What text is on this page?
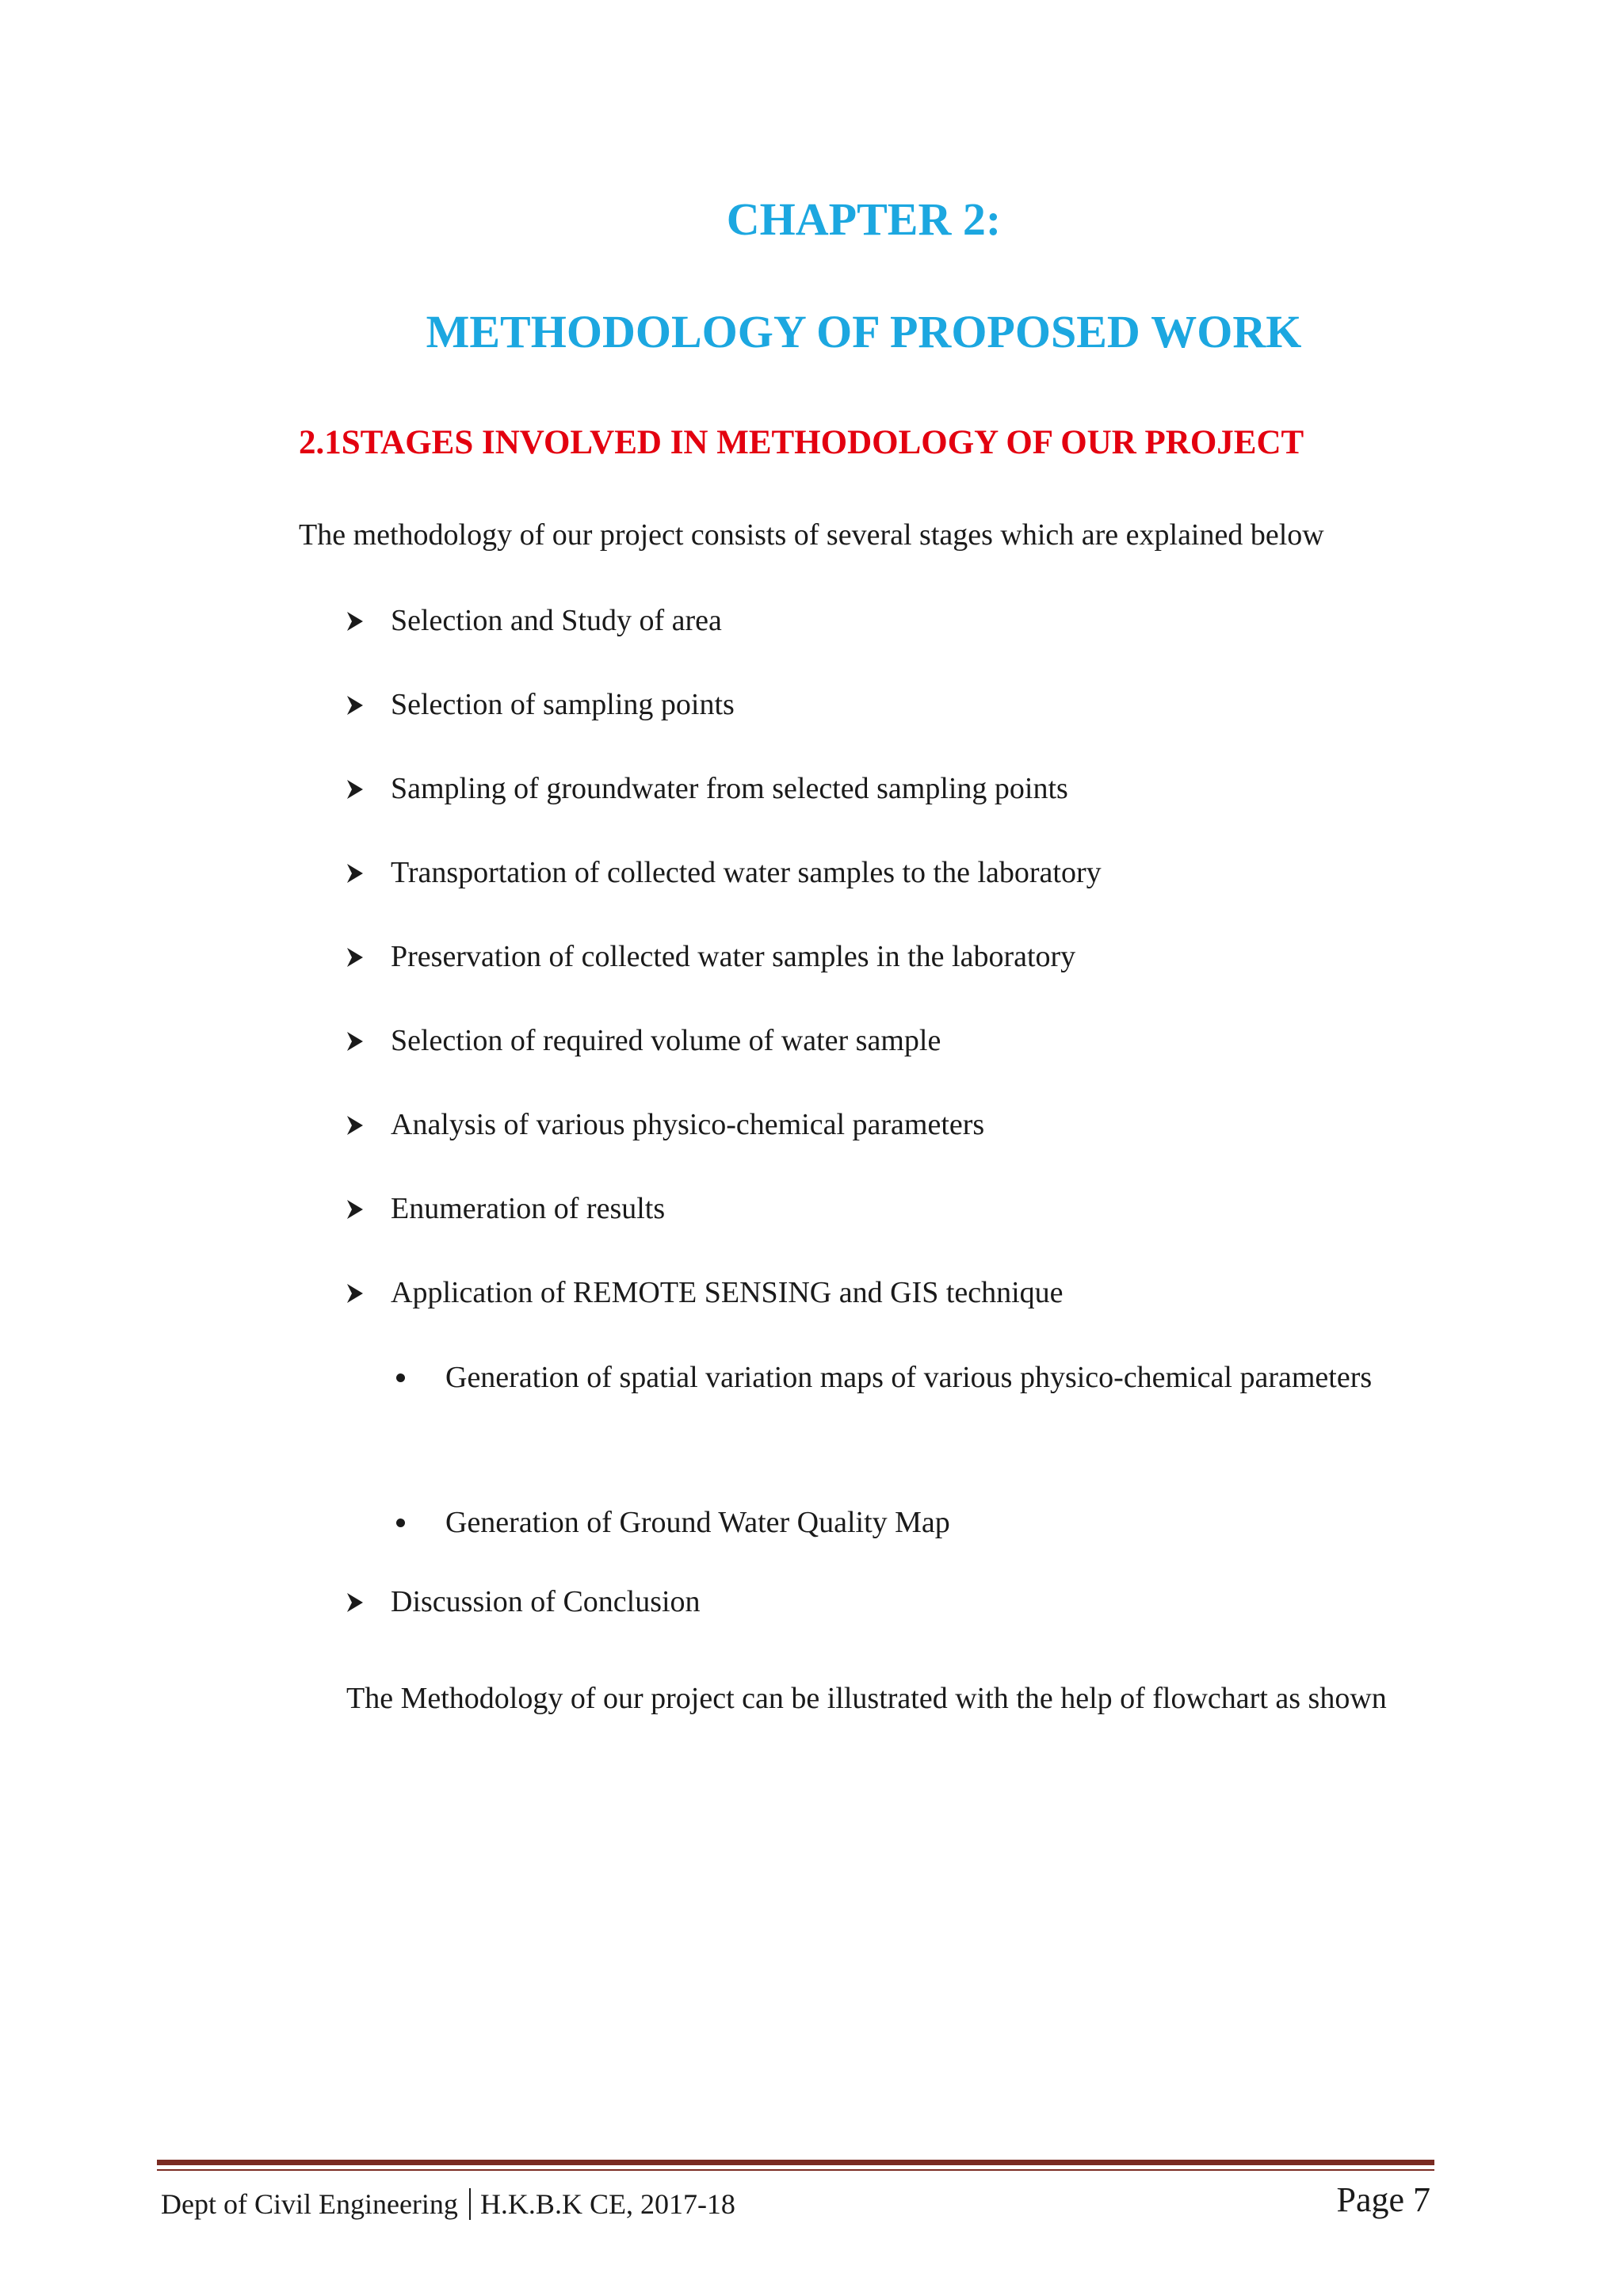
CHAPTER 2:
METHODOLOGY OF PROPOSED WORK
2.1STAGES INVOLVED IN METHODOLOGY OF OUR PROJECT
The methodology of our project consists of several stages which are explained below
Selection and Study of area
Selection of sampling points
Sampling of groundwater from selected sampling points
Transportation of collected water samples to the laboratory
Preservation of collected water samples in the laboratory
Selection of required volume of water sample
Analysis of various physico-chemical parameters
Enumeration of results
Application of REMOTE SENSING and GIS technique
Generation of spatial variation maps of various physico-chemical parameters
Generation of Ground Water Quality Map
Discussion of Conclusion
The Methodology of our project can be illustrated with the help of flowchart as shown
Dept of Civil Engineering H.K.B.K CE, 2017-18	Page 7
